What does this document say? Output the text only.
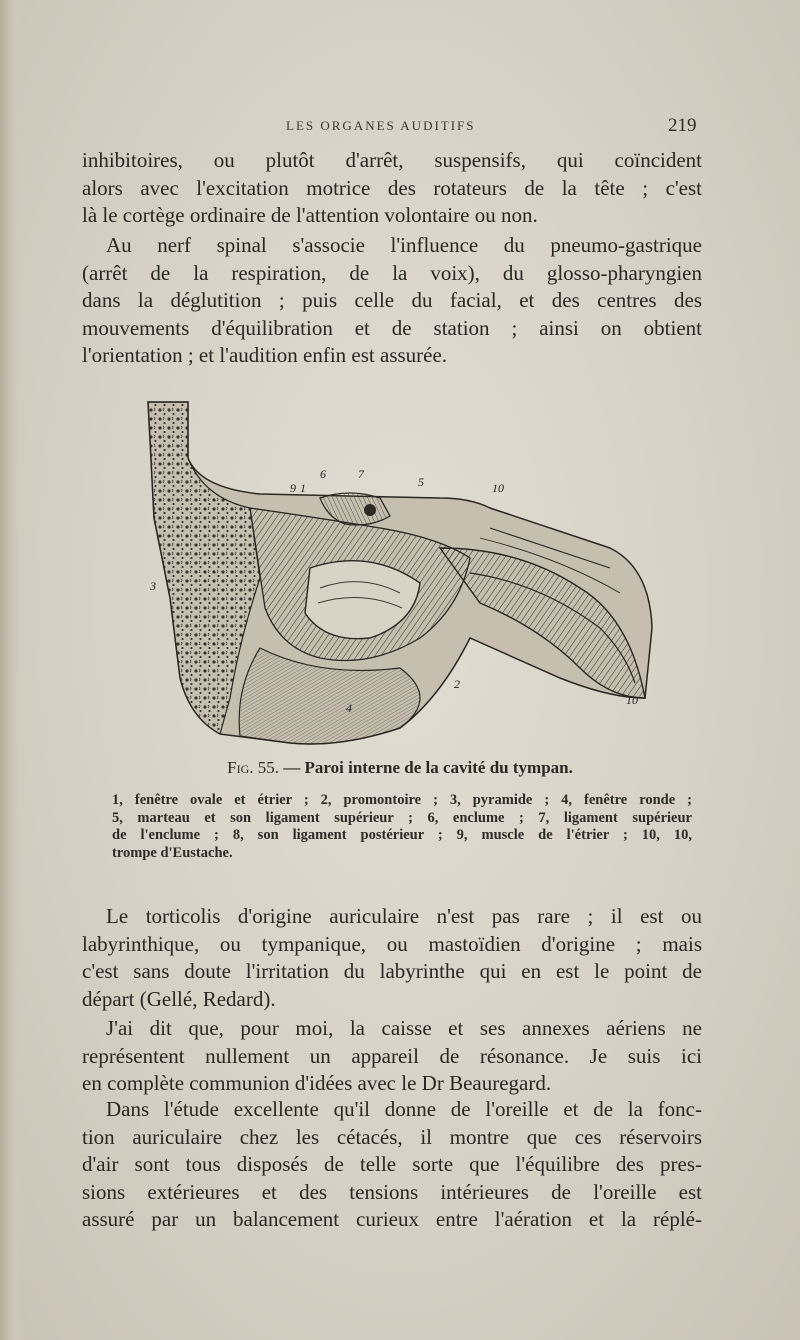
LES ORGANES AUDITIFS	219

inhibitoires, ou plutôt d'arrêt, suspensifs, qui coïncident
alors avec l'excitation motrice des rotateurs de la tête ; c'est
là le cortège ordinaire de l'attention volontaire ou non.

Au nerf spinal s'associe l'influence du pneumo-gastrique
(arrêt de la respiration, de la voix), du glosso-pharyngien
dans la déglutition ; puis celle du facial, et des centres des
mouvements d'équilibration et de station ; ainsi on obtient
l'orientation ; et l'audition enfin est assurée.

6	7
9 1	5	10
3
2
4
10
Fig. 55. — Paroi interne de la cavité du tympan.

1, fenêtre ovale et étrier ; 2, promontoire ; 3, pyramide ; 4, fenêtre ronde ;
5, marteau et son ligament supérieur ; 6, enclume ; 7, ligament supérieur
de l'enclume ; 8, son ligament postérieur ; 9, muscle de l'étrier ; 10, 10,
trompe d'Eustache.

Le torticolis d'origine auriculaire n'est pas rare ; il est ou
labyrinthique, ou tympanique, ou mastoïdien d'origine ; mais
c'est sans doute l'irritation du labyrinthe qui en est le point de
départ (Gellé, Redard).

J'ai dit que, pour moi, la caisse et ses annexes aériens ne
représentent nullement un appareil de résonance. Je suis ici
en complète communion d'idées avec le Dr Beauregard.

Dans l'étude excellente qu'il donne de l'oreille et de la fonc-
tion auriculaire chez les cétacés, il montre que ces réservoirs
d'air sont tous disposés de telle sorte que l'équilibre des pres-
sions extérieures et des tensions intérieures de l'oreille est
assuré par un balancement curieux entre l'aération et la réplé-
